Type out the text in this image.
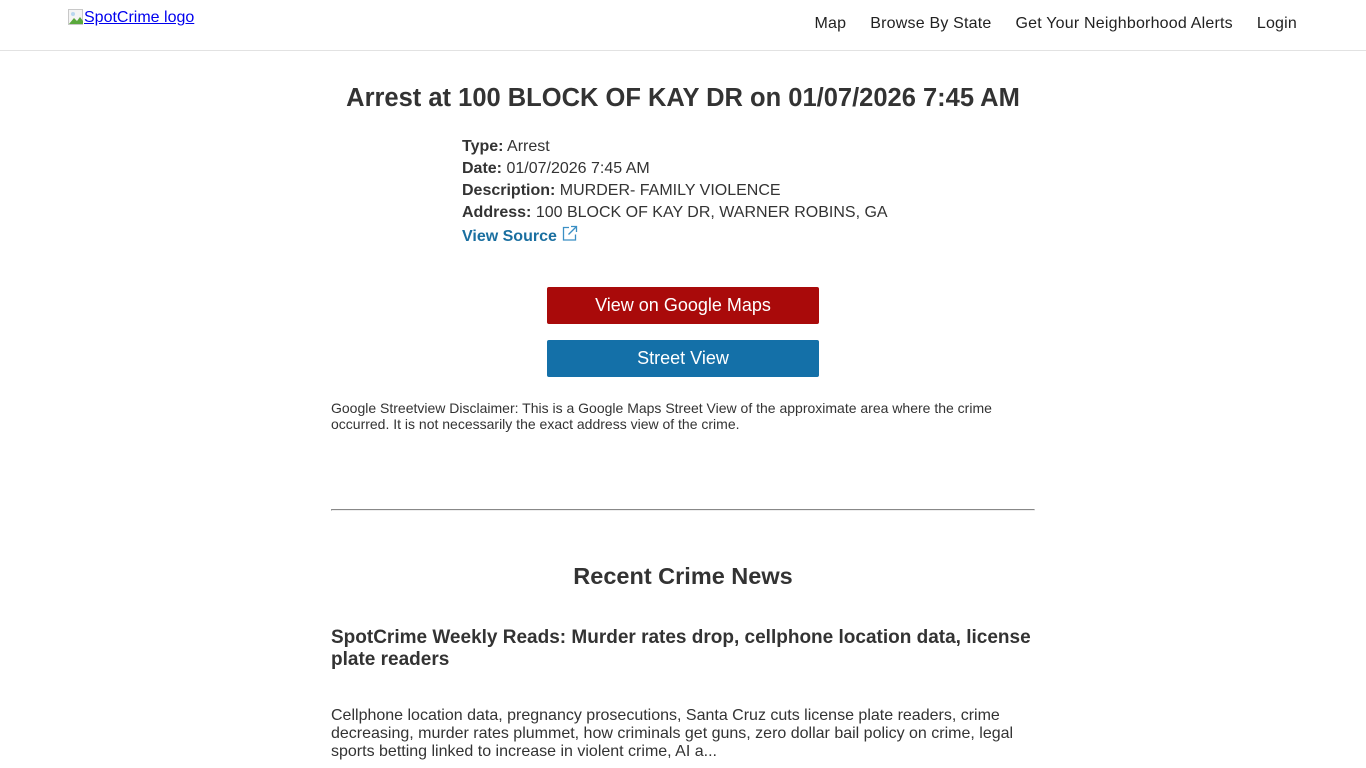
SpotCrime logo	Map Browse By State Get Your Neighborhood Alerts Login
Arrest at 100 BLOCK OF KAY DR on 01/07/2026 7:45 AM
Type: Arrest
Date: 01/07/2026 7:45 AM
Description: MURDER- FAMILY VIOLENCE
Address: 100 BLOCK OF KAY DR, WARNER ROBINS, GA
View Source
View on Google Maps
Street View

Google Streetview Disclaimer: This is a Google Maps Street View of the approximate area where the crime occurred. It is not necessarily the exact address view of the crime.

Recent Crime News
SpotCrime Weekly Reads: Murder rates drop, cellphone location data, license plate readers

Cellphone location data, pregnancy prosecutions, Santa Cruz cuts license plate readers, crime decreasing, murder rates plummet, how criminals get guns, zero dollar bail policy on crime, legal sports betting linked to increase in violent crime, AI a...
